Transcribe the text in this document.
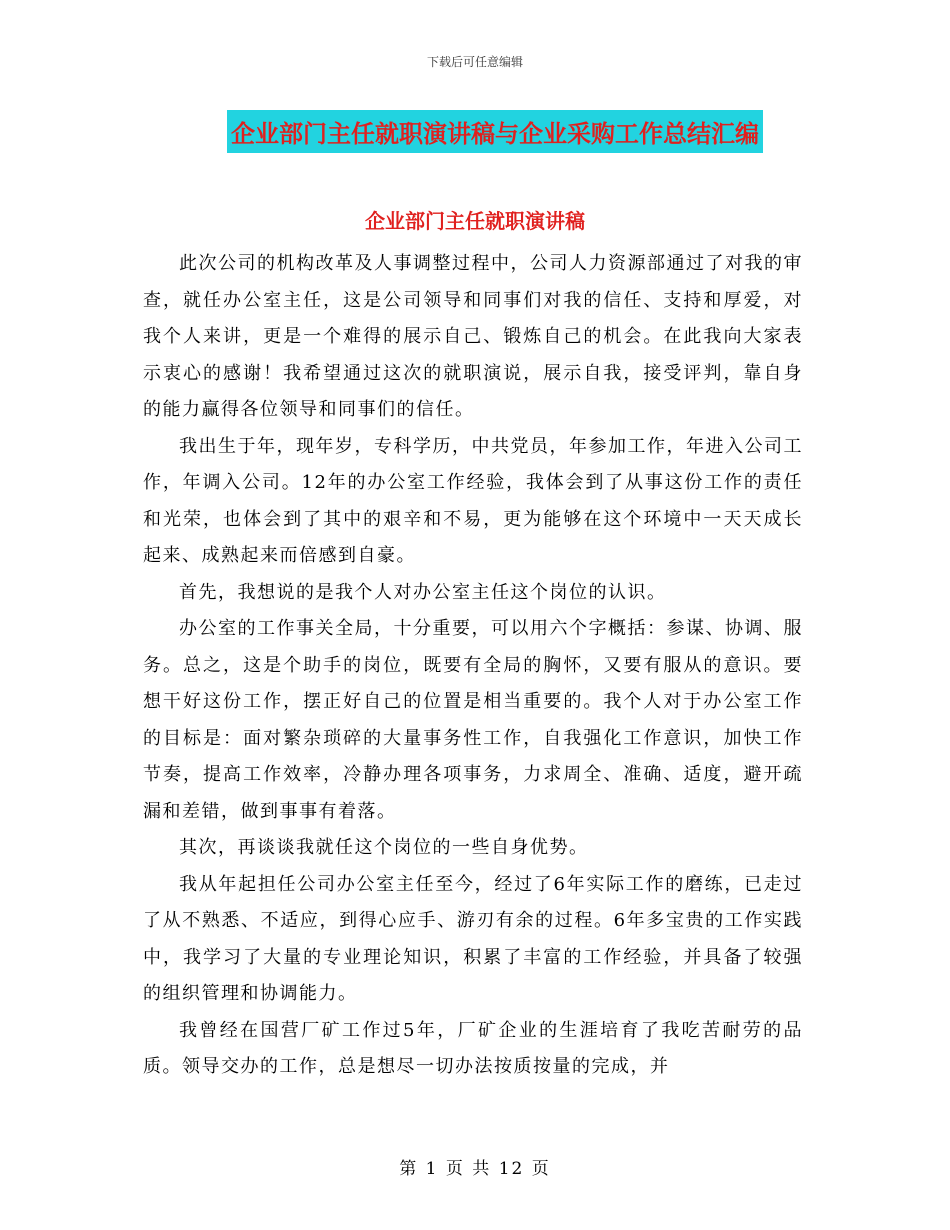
下载后可任意编辑
企业部门主任就职演讲稿与企业采购工作总结汇编
企业部门主任就职演讲稿

此次公司的机构改革及人事调整过程中，公司人力资源部通过了对我的审查，就任办公室主任，这是公司领导和同事们对我的信任、支持和厚爱，对我个人来讲，更是一个难得的展示自己、锻炼自己的机会。在此我向大家表示衷心的感谢！我希望通过这次的就职演说，展示自我，接受评判，靠自身的能力赢得各位领导和同事们的信任。

我出生于年，现年岁，专科学历，中共党员，年参加工作，年进入公司工作，年调入公司。12年的办公室工作经验，我体会到了从事这份工作的责任和光荣，也体会到了其中的艰辛和不易，更为能够在这个环境中一天天成长起来、成熟起来而倍感到自豪。

首先，我想说的是我个人对办公室主任这个岗位的认识。

办公室的工作事关全局，十分重要，可以用六个字概括：参谋、协调、服务。总之，这是个助手的岗位，既要有全局的胸怀，又要有服从的意识。要想干好这份工作，摆正好自己的位置是相当重要的。我个人对于办公室工作的目标是：面对繁杂琐碎的大量事务性工作，自我强化工作意识，加快工作节奏，提高工作效率，冷静办理各项事务，力求周全、准确、适度，避开疏漏和差错，做到事事有着落。

其次，再谈谈我就任这个岗位的一些自身优势。

我从年起担任公司办公室主任至今，经过了6年实际工作的磨练，已走过了从不熟悉、不适应，到得心应手、游刃有余的过程。6年多宝贵的工作实践中，我学习了大量的专业理论知识，积累了丰富的工作经验，并具备了较强的组织管理和协调能力。

我曾经在国营厂矿工作过5年，厂矿企业的生涯培育了我吃苦耐劳的品质。领导交办的工作，总是想尽一切办法按质按量的完成，并

第 1 页 共 12 页
